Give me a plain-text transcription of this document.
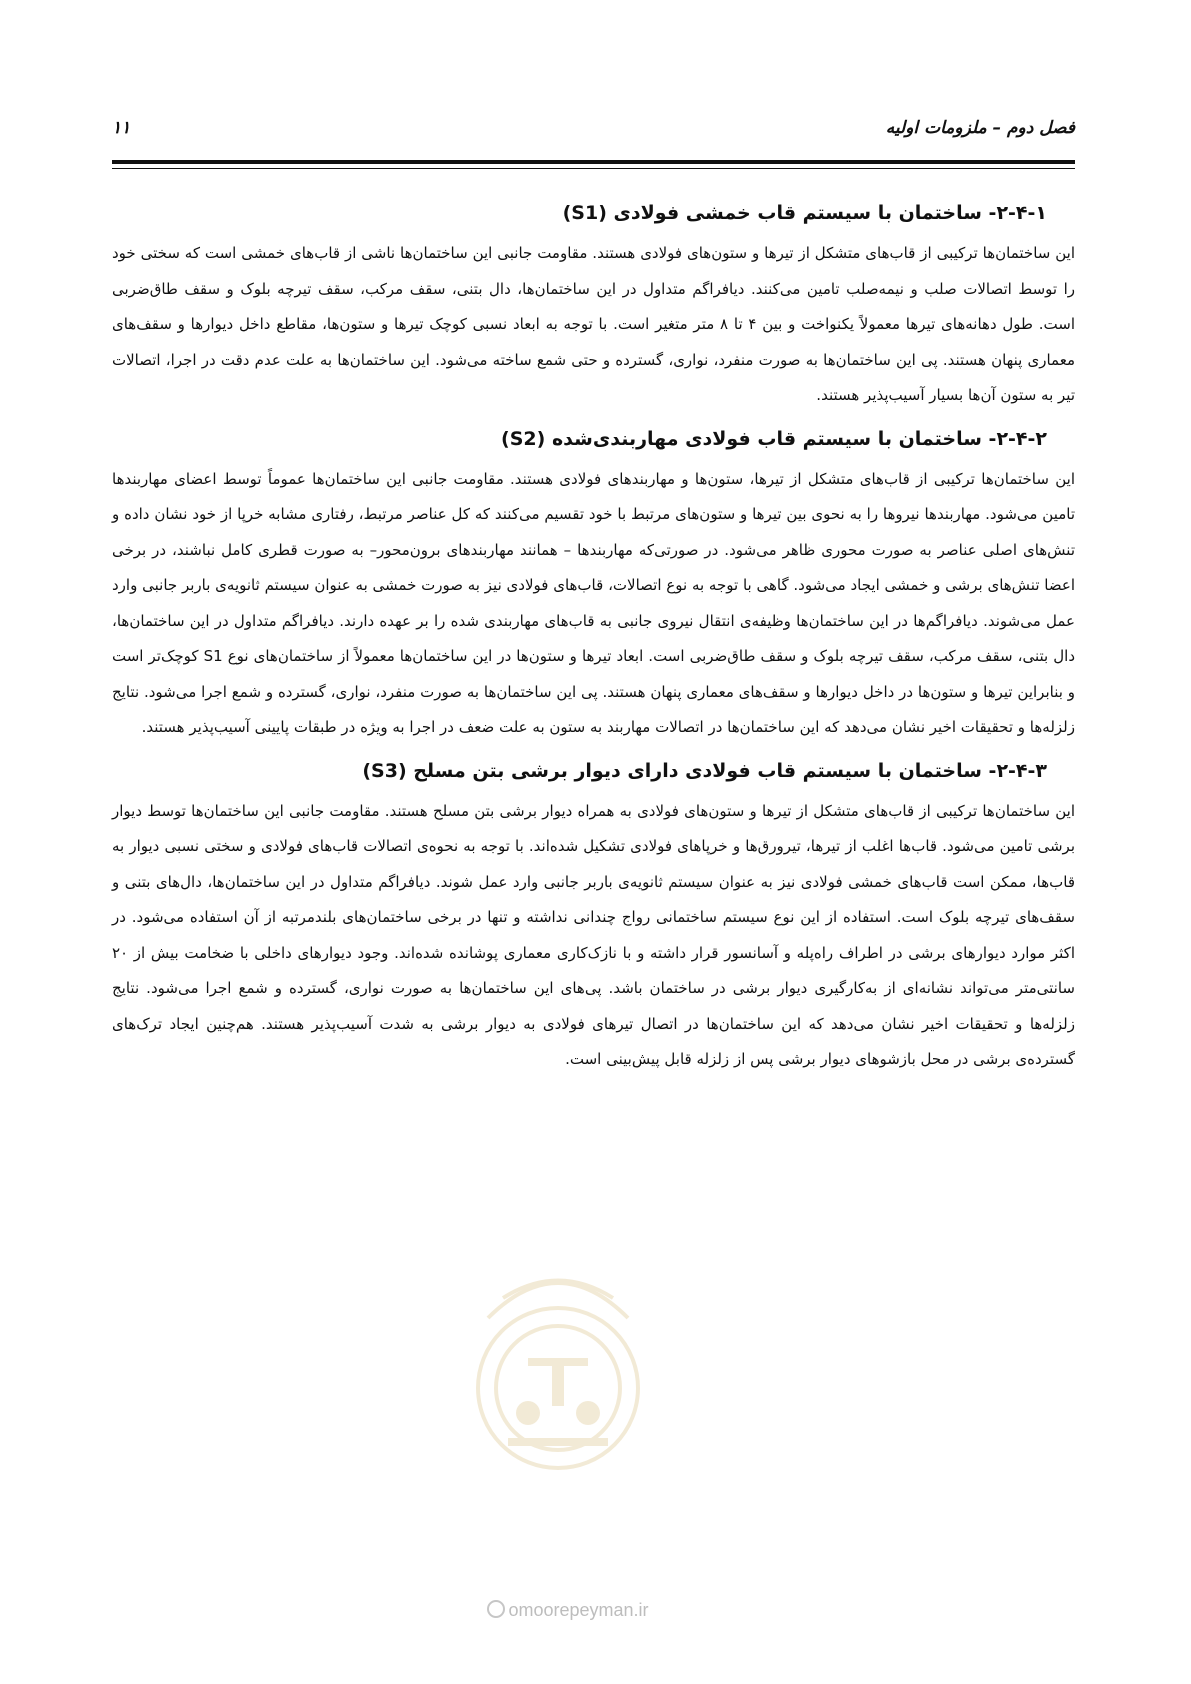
فصل دوم – ملزومات اولیه
۱۱
۲-۴-۱- ساختمان با سیستم قاب خمشی فولادی (S1)

این ساختمان‌ها ترکیبی از قاب‌های متشکل از تیرها و ستون‌های فولادی هستند. مقاومت جانبی این ساختمان‌ها ناشی از قاب‌های خمشی است که سختی خود را توسط اتصالات صلب و نیمه‌صلب تامین می‌کنند. دیافراگم متداول در این ساختمان‌ها، دال بتنی، سقف مرکب، سقف تیرچه بلوک و سقف طاق‌ضربی است. طول دهانه‌های تیرها معمولاً یکنواخت و بین ۴ تا ۸ متر متغیر است. با توجه به ابعاد نسبی کوچک تیرها و ستون‌ها، مقاطع داخل دیوارها و سقف‌های معماری پنهان هستند. پی این ساختمان‌ها به صورت منفرد، نواری، گسترده و حتی شمع ساخته می‌شود. این ساختمان‌ها به علت عدم دقت در اجرا، اتصالات تیر به ستون آن‌ها بسیار آسیب‌پذیر هستند.

۲-۴-۲- ساختمان با سیستم قاب فولادی مهاربندی‌شده (S2)

این ساختمان‌ها ترکیبی از قاب‌های متشکل از تیرها، ستون‌ها و مهاربندهای فولادی هستند. مقاومت جانبی این ساختمان‌ها عموماً توسط اعضای مهاربندها تامین می‌شود. مهاربندها نیروها را به نحوی بین تیرها و ستون‌های مرتبط با خود تقسیم می‌کنند که کل عناصر مرتبط، رفتاری مشابه خرپا از خود نشان داده و تنش‌های اصلی عناصر به صورت محوری ظاهر می‌شود. در صورتی‌که مهاربندها – همانند مهاربندهای برون‌محور– به صورت قطری کامل نباشند، در برخی اعضا تنش‌های برشی و خمشی ایجاد می‌شود. گاهی با توجه به نوع اتصالات، قاب‌های فولادی نیز به صورت خمشی به عنوان سیستم ثانویه‌ی باربر جانبی وارد عمل می‌شوند. دیافراگم‌ها در این ساختمان‌ها وظیفه‌ی انتقال نیروی جانبی به قاب‌های مهاربندی شده را بر عهده دارند. دیافراگم متداول در این ساختمان‌ها، دال بتنی، سقف مرکب، سقف تیرچه بلوک و سقف طاق‌ضربی است. ابعاد تیرها و ستون‌ها در این ساختمان‌ها معمولاً از ساختمان‌های نوع S1 کوچک‌تر است و بنابراین تیرها و ستون‌ها در داخل دیوارها و سقف‌های معماری پنهان هستند. پی این ساختمان‌ها به صورت منفرد، نواری، گسترده و شمع اجرا می‌شود. نتایج زلزله‌ها و تحقیقات اخیر نشان می‌دهد که این ساختمان‌ها در اتصالات مهاربند به ستون به علت ضعف در اجرا به ویژه در طبقات پایینی آسیب‌پذیر هستند.

۲-۴-۳- ساختمان با سیستم قاب فولادی دارای دیوار برشی بتن مسلح (S3)

این ساختمان‌ها ترکیبی از قاب‌های متشکل از تیرها و ستون‌های فولادی به همراه دیوار برشی بتن مسلح هستند. مقاومت جانبی این ساختمان‌ها توسط دیوار برشی تامین می‌شود. قاب‌ها اغلب از تیرها، تیرورق‌ها و خرپاهای فولادی تشکیل شده‌اند. با توجه به نحوه‌ی اتصالات قاب‌های فولادی و سختی نسبی دیوار به قاب‌ها، ممکن است قاب‌های خمشی فولادی نیز به عنوان سیستم ثانویه‌ی باربر جانبی وارد عمل شوند. دیافراگم متداول در این ساختمان‌ها، دال‌های بتنی و سقف‌های تیرچه بلوک است. استفاده از این نوع سیستم ساختمانی رواج چندانی نداشته و تنها در برخی ساختمان‌های بلندمرتبه از آن استفاده می‌شود. در اکثر موارد دیوارهای برشی در اطراف راه‌پله و آسانسور قرار داشته و با نازک‌کاری معماری پوشانده شده‌اند. وجود دیوارهای داخلی با ضخامت بیش از ۲۰ سانتی‌متر می‌تواند نشانه‌ای از به‌کارگیری دیوار برشی در ساختمان باشد. پی‌های این ساختمان‌ها به صورت نواری، گسترده و شمع اجرا می‌شود. نتایج زلزله‌ها و تحقیقات اخیر نشان می‌دهد که این ساختمان‌ها در اتصال تیرهای فولادی به دیوار برشی به شدت آسیب‌پذیر هستند. هم‌چنین ایجاد ترک‌های گسترده‌ی برشی در محل بازشوهای دیوار برشی پس از زلزله قابل پیش‌بینی است.

omoorepeyman.ir
